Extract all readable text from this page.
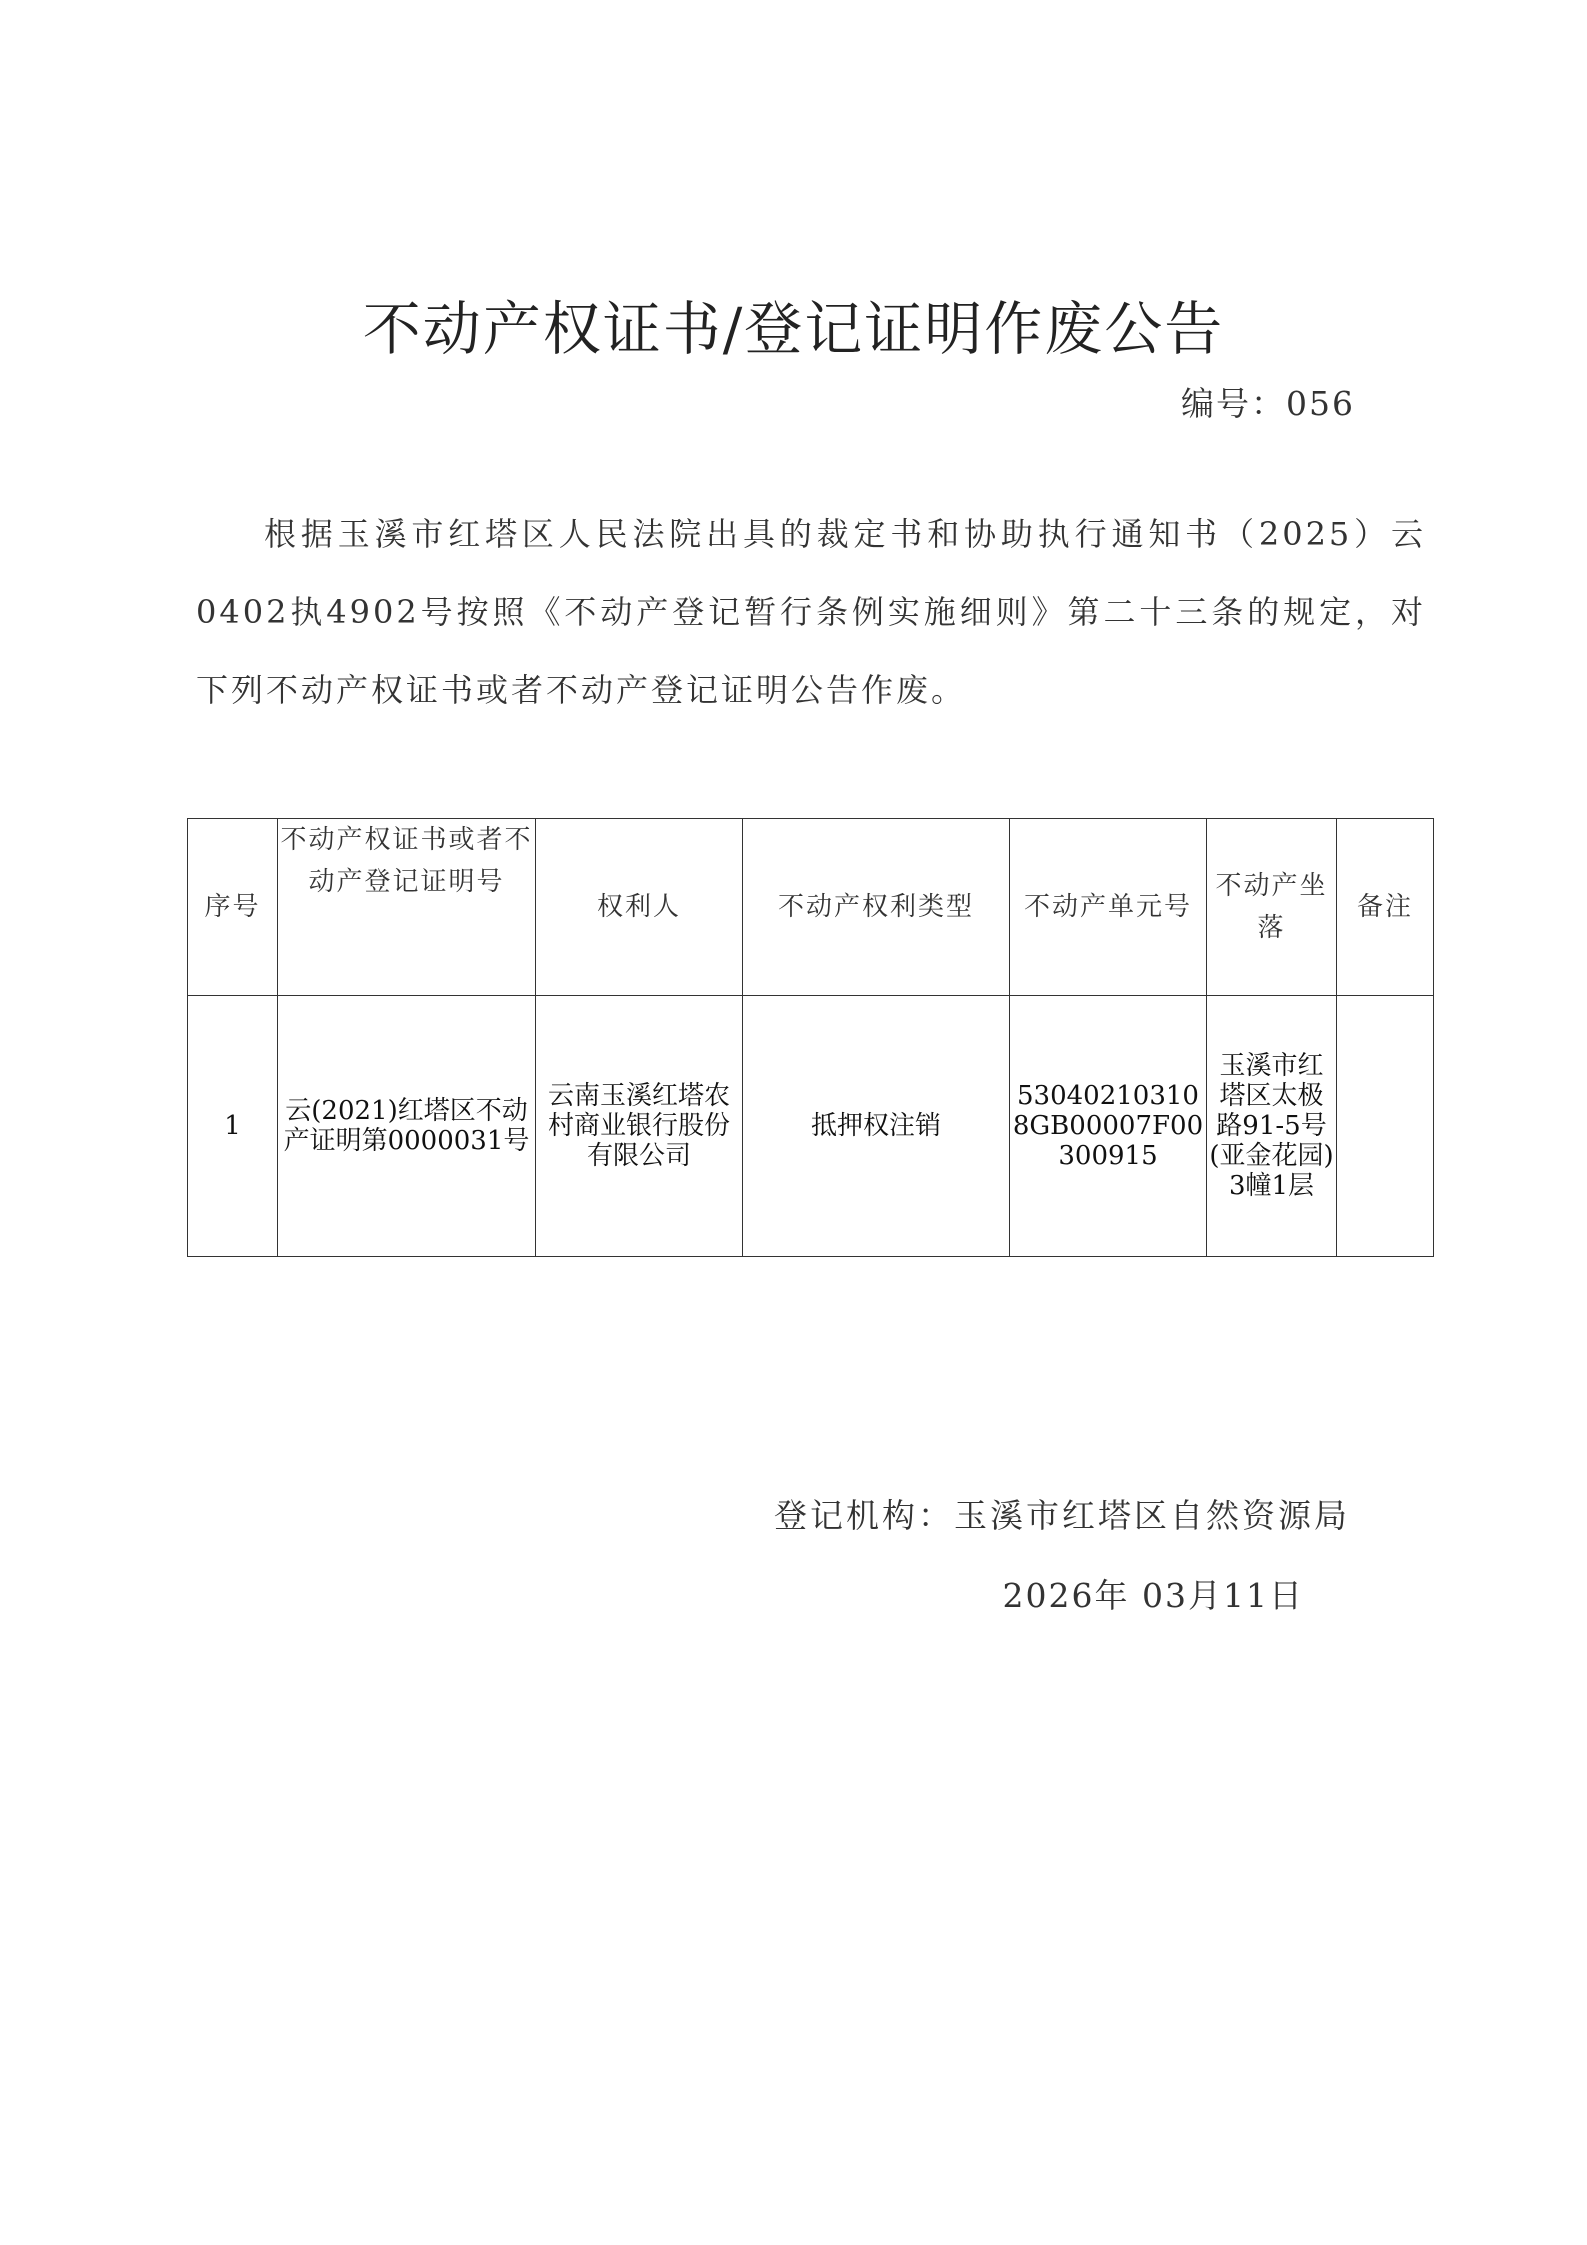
不动产权证书/登记证明作废公告
编号：056

根据玉溪市红塔区人民法院出具的裁定书和协助执行通知书（2025）云0402执4902号按照《不动产登记暂行条例实施细则》第二十三条的规定，对下列不动产权证书或者不动产登记证明公告作废。

序号	不动产权证书或者不动产登记证明号	权利人	不动产权利类型	不动产单元号	不动产坐落	备注
1	云(2021)红塔区不动产证明第0000031号	云南玉溪红塔农村商业银行股份有限公司	抵押权注销	530402103108GB00007F00300915	玉溪市红塔区太极路91-5号(亚金花园)3幢1层	
登记机构：玉溪市红塔区自然资源局
2026年 03月11日
